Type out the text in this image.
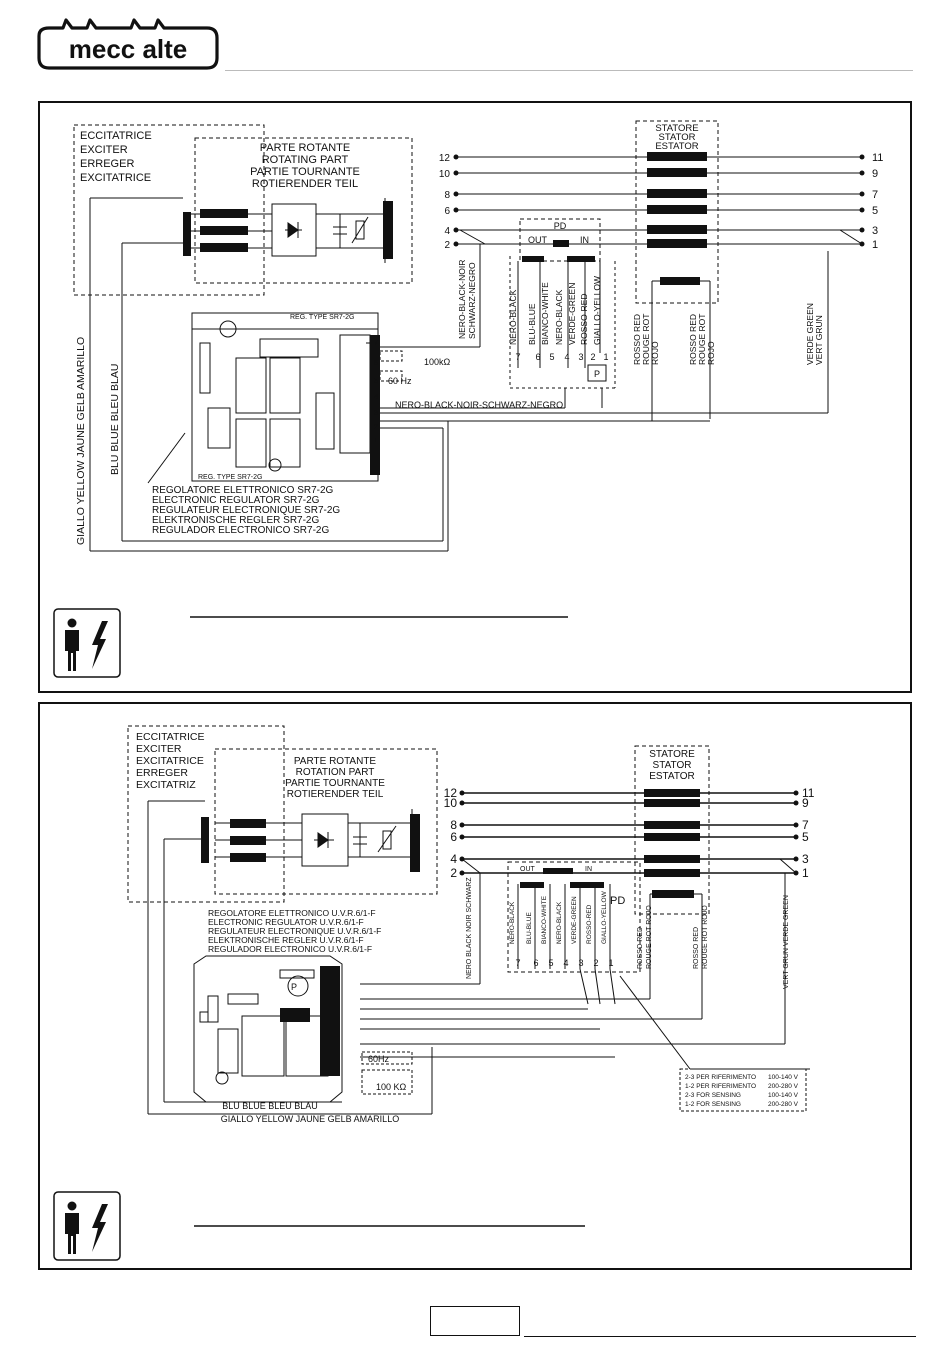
mecc alte
ECCITATRICE
EXCITER
ERREGER
EXCITATRICE
PARTE ROTANTE
ROTATING PART
PARTIE TOURNANTE
ROTIERENDER TEIL
STATORE
STATOR
ESTATOR
12
10
8
6
4
2
11
9
7
5
3
1
PD
OUT	IN
NERO-BLACK BLU-BLUE BIANCO-WHITE NERO-BLACK VERDE-GREEN ROSSO-RED GIALLO-YELLOW
7 6 5 4 3 2 1
P
NERO-BLACK-NOIR SCHWARZ-NEGRO
ROSSO RED ROUGE ROT ROJO	ROSSO RED ROUGE ROT ROJO	VERDE GREEN VERT GRUN
BLU BLUE BLEU BLAU
GIALLO YELLOW JAUNE GELB AMARILLO	REGOLATORE ELETTRONICO SR7-2G
ELECTRONIC REGULATOR SR7-2G
REGULATEUR ELECTRONIQUE SR7-2G
ELEKTRONISCHE REGLER SR7-2G
REGULADOR ELECTRONICO SR7-2G
REG. TYPE SR7-2G
REG. TYPE SR7-2G
7
6
5
4
3
2
1
100kΩ
60 Hz
NERO-BLACK-NOIR-SCHWARZ-NEGRO
ECCITATRICE
EXCITER
EXCITATRICE
ERREGER
EXCITATRIZ
PARTE ROTANTE
ROTATION PART
PARTIE TOURNANTE
ROTIERENDER TEIL
STATORE
STATOR
ESTATOR
12
10
8
6
4
2
11
9
7
5
3
1
OUT	IN
PD
NERO-BLACK BLU-BLUE BIANCO-WHITE NERO-BLACK VERDE-GREEN ROSSO-RED GIALLO-YELLOW
7 6 5 4 3 2 1
NERO BLACK NOIR SCHWARZ	ROSSO RED ROUGE ROT ROJO	ROSSO RED ROUGE ROT ROJO	VERT GRUN VERDE GREEN
REGOLATORE ELETTRONICO U.V.R.6/1-F
ELECTRONIC REGULATOR U.V.R.6/1-F
REGULATEUR ELECTRONIQUE U.V.R.6/1-F
ELEKTRONISCHE REGLER U.V.R.6/1-F
REGULADOR ELECTRONICO U.V.R.6/1-F
P
60Hz
100 KΩ
BLU BLUE BLEU BLAU
GIALLO YELLOW JAUNE GELB AMARILLO
2-3 PER RIFERIMENTO 100-140 V
1-2 PER RIFERIMENTO 200-280 V
2-3 FOR SENSING	100-140 V
1-2 FOR SENSING	200-280 V
